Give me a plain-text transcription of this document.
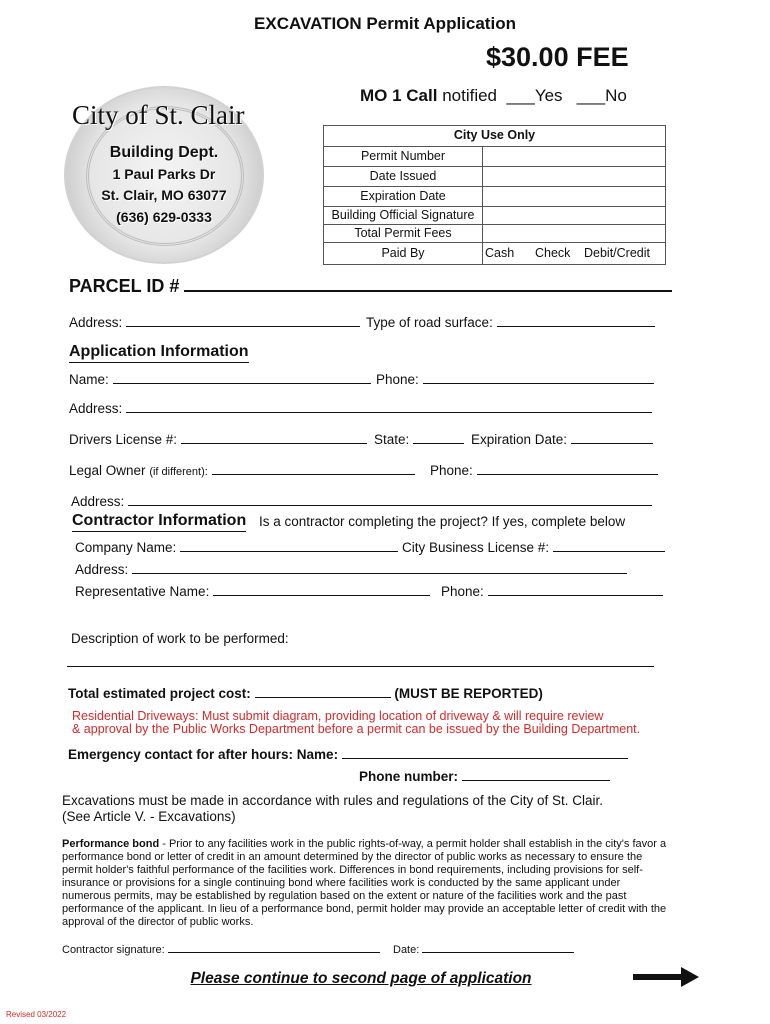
EXCAVATION Permit Application
$30.00 FEE
MO 1 Call notified  ___Yes   ___No
City of St. Clair
Building Dept.
1 Paul Parks Dr
St. Clair, MO 63077
(636) 629-0333
City Use Only
Permit Number
Date Issued
Expiration Date
Building Official Signature
Total Permit Fees
Paid By	Cash Check Debit/Credit
PARCEL ID #
Address:	Type of road surface:
Application Information
Name:	Phone:
Address:
Drivers License #:	State:	Expiration Date:
Legal Owner (if different):	Phone:
Address:
Contractor Information Is a contractor completing the project? If yes, complete below
Company Name:	City Business License #:
Address:
Representative Name:	Phone:
Description of work to be performed:
Total estimated project cost:	(MUST BE REPORTED)
Residential Driveways: Must submit diagram, providing location of driveway & will require review
& approval by the Public Works Department before a permit can be issued by the Building Department.
Emergency contact for after hours: Name:
Phone number:
Excavations must be made in accordance with rules and regulations of the City of St. Clair.
(See Article V. - Excavations)
Performance bond - Prior to any facilities work in the public rights-of-way, a permit holder shall establish in the city's favor a performance bond or letter of credit in an amount determined by the director of public works as necessary to ensure the permit holder's faithful performance of the facilities work. Differences in bond requirements, including provisions for self-insurance or provisions for a single continuing bond where facilities work is conducted by the same applicant under numerous permits, may be established by regulation based on the extent or nature of the facilities work and the past performance of the applicant. In lieu of a performance bond, permit holder may provide an acceptable letter of credit with the approval of the director of public works.
Contractor signature:	Date:
Please continue to second page of application
Revised 03/2022
